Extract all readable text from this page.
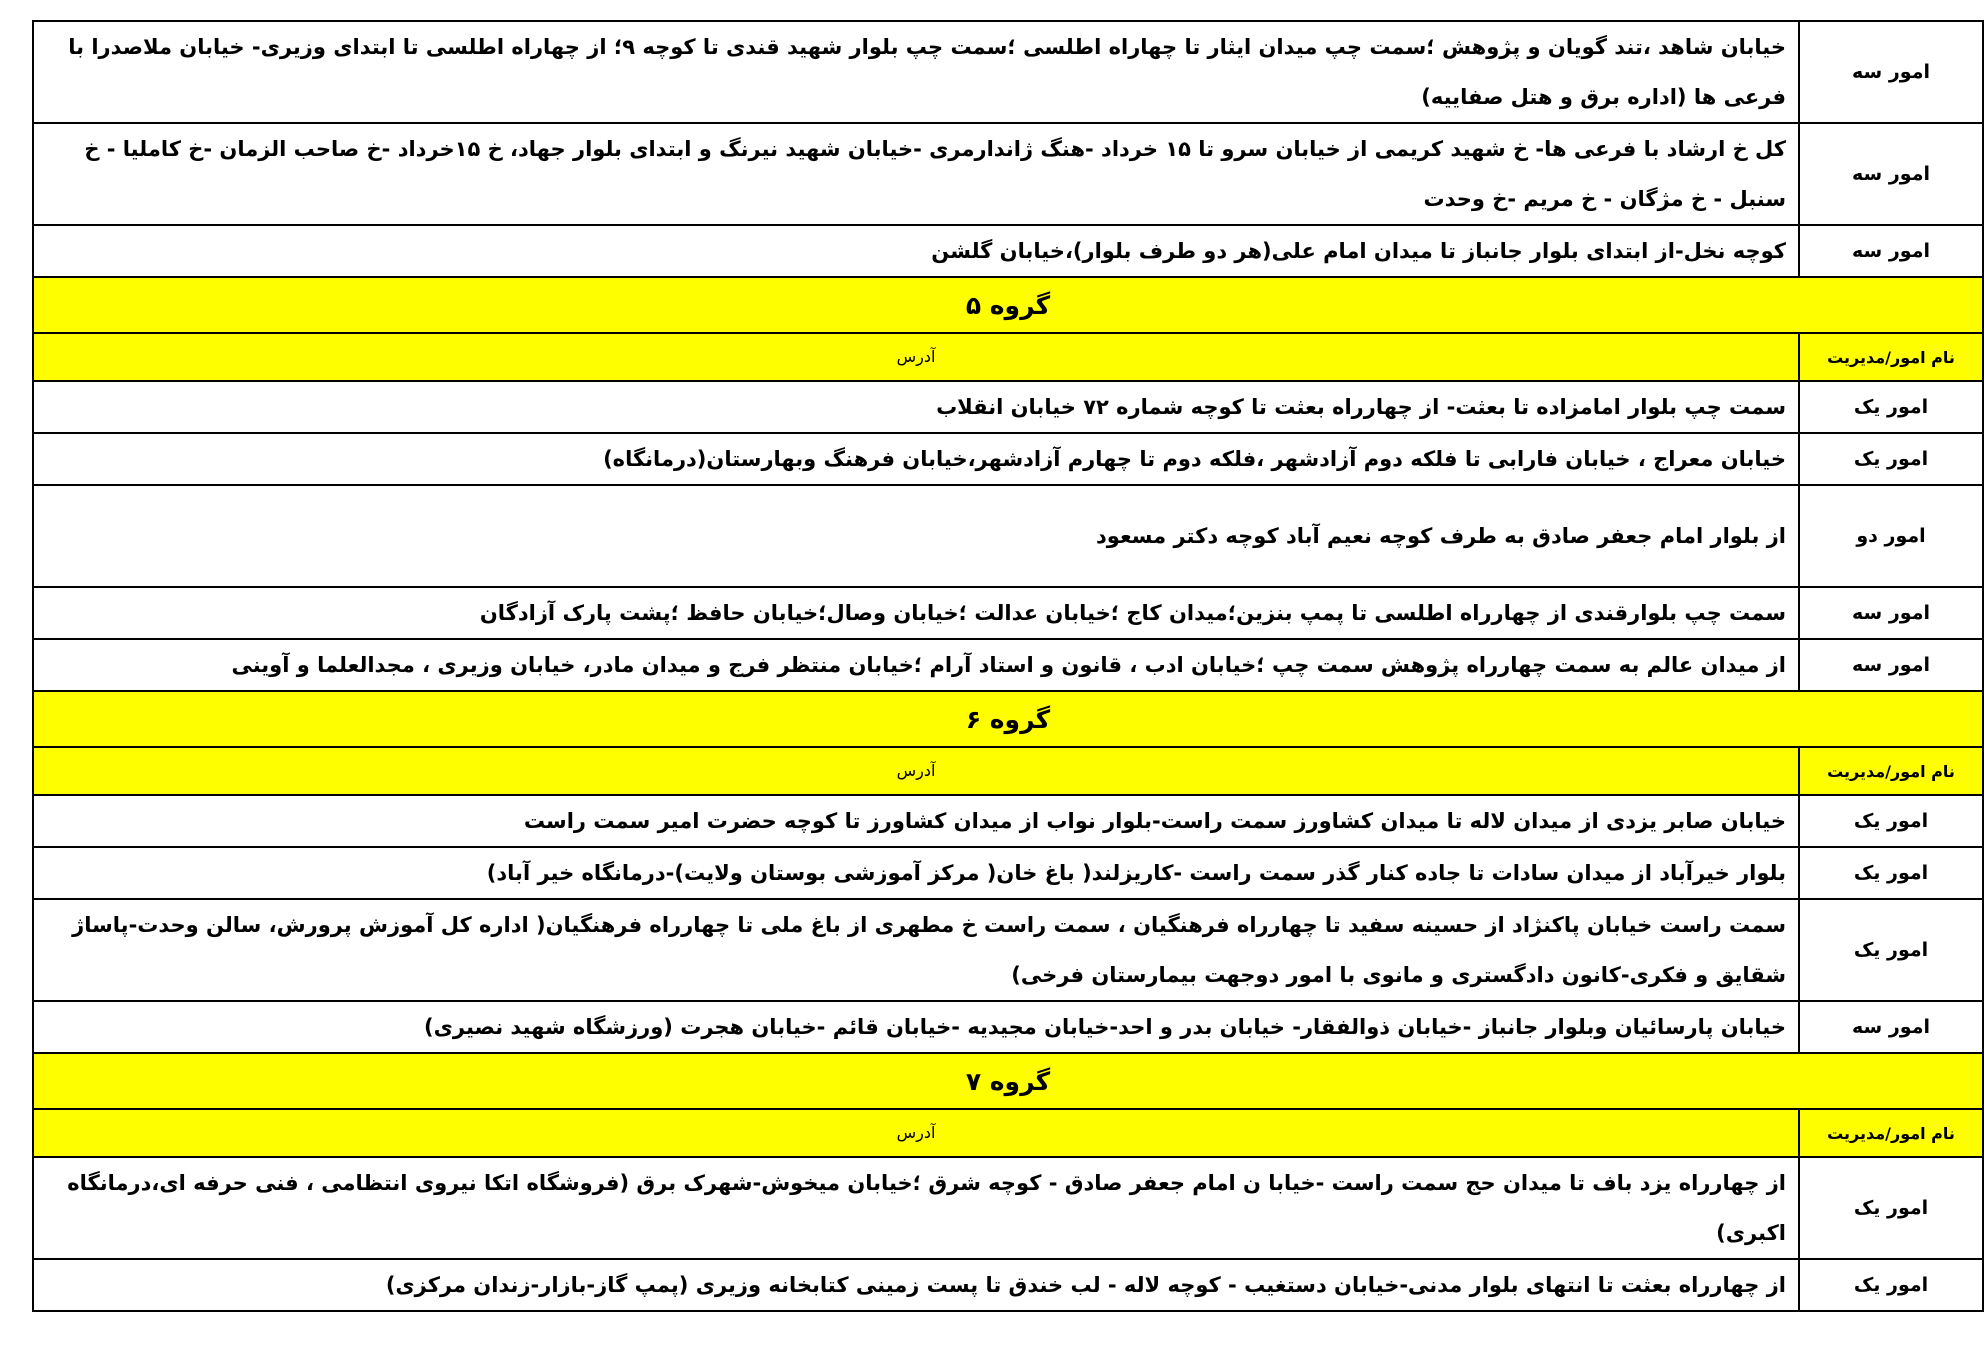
امور سه	خیابان شاهد ،تند گویان و پژوهش ؛سمت چپ میدان ایثار تا چهاراه اطلسی ؛سمت چپ بلوار شهید قندی تا کوچه ۹؛ از چهاراه اطلسی تا ابتدای وزیری- خیابان ملاصدرا با فرعی ها (اداره برق و هتل صفاییه)
امور سه	کل خ ارشاد با فرعی ها- خ شهید کریمی از خیابان سرو تا ۱۵ خرداد -هنگ ژاندارمری -خیابان شهید نیرنگ و ابتدای بلوار جهاد، خ ۱۵خرداد -خ صاحب الزمان -خ کاملیا - خ سنبل - خ مژگان - خ مریم -خ وحدت
امور سه	کوچه نخل-از ابتدای بلوار جانباز تا میدان امام علی(هر دو طرف بلوار)،خیابان گلشن
گروه ۵	
نام امور/مدیریت	آدرس
امور یک	سمت چپ بلوار امامزاده تا بعثت- از چهارراه بعثت تا کوچه شماره ۷۲ خیابان انقلاب
امور یک	خیابان معراج ، خیابان فارابی تا فلکه دوم آزادشهر ،فلکه دوم تا چهارم آزادشهر،خیابان فرهنگ وبهارستان(درمانگاه)
امور دو	از بلوار امام جعفر صادق به طرف کوچه نعیم آباد کوچه دکتر مسعود
امور سه	سمت چپ بلوارقندی از چهارراه اطلسی تا پمپ بنزین؛میدان کاج ؛خیابان عدالت ؛خیابان وصال؛خیابان حافظ ؛پشت پارک آزادگان
امور سه	از میدان عالم به سمت چهارراه پژوهش سمت چپ ؛خیابان ادب ، قانون و استاد آرام ؛خیابان منتظر فرج و میدان مادر، خیابان وزیری ، مجدالعلما و آوینی
گروه ۶	
نام امور/مدیریت	آدرس
امور یک	خیابان صابر یزدی از میدان لاله تا میدان کشاورز سمت راست-بلوار نواب از میدان کشاورز تا کوچه حضرت امیر سمت راست
امور یک	بلوار خیرآباد از میدان سادات تا جاده کنار گذر سمت راست -کاریزلند( باغ خان( مرکز آموزشی بوستان ولایت)-درمانگاه خیر آباد)
امور یک	سمت راست خیابان پاکنژاد از حسینه سفید تا چهارراه فرهنگیان ، سمت راست خ مطهری از باغ ملی تا چهارراه فرهنگیان( اداره کل آموزش پرورش، سالن وحدت-پاساژ شقایق و فکری-کانون دادگستری و مانوی با امور دوجهت بیمارستان فرخی)
امور سه	خیابان پارسائیان وبلوار جانباز -خیابان ذوالفقار- خیابان بدر و احد-خیابان مجیدیه -خیابان قائم -خیابان هجرت (ورزشگاه شهید نصیری)
گروه ۷	
نام امور/مدیریت	آدرس
امور یک	از چهارراه یزد باف تا میدان حج سمت راست -خیابا ن امام جعفر صادق - کوچه شرق ؛خیابان میخوش-شهرک برق (فروشگاه اتکا نیروی انتظامی ، فنی حرفه ای،درمانگاه اکبری)
امور یک	از چهارراه بعثت تا انتهای بلوار مدنی-خیابان دستغیب - کوچه لاله - لب خندق تا پست زمینی کتابخانه وزیری (پمپ گاز-بازار-زندان مرکزی)
